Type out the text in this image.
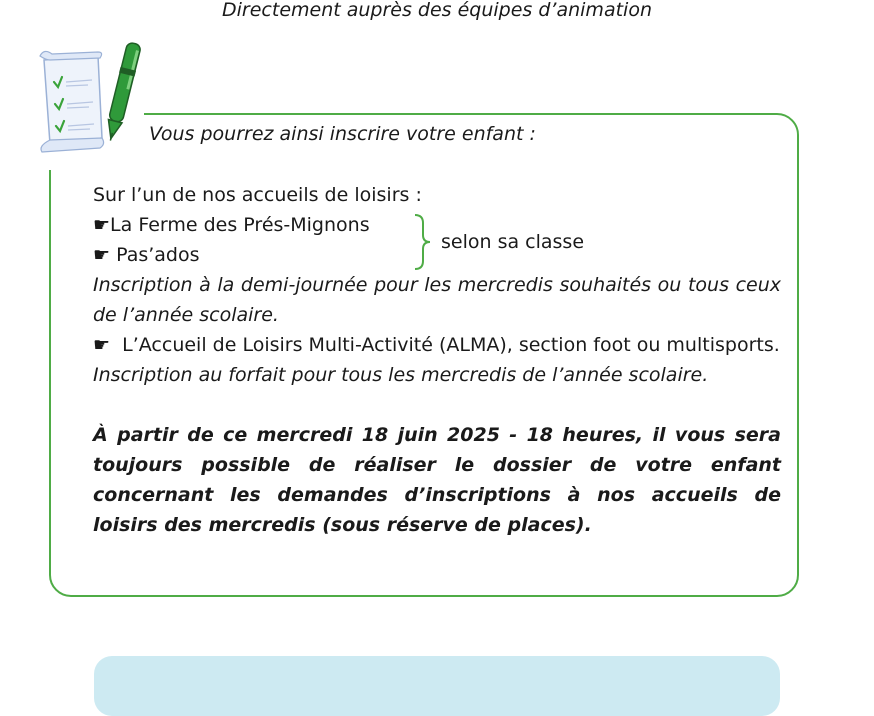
Directement auprès des équipes d’animation
Vous pourrez ainsi inscrire votre enfant :
Sur l’un de nos accueils de loisirs :
☛La Ferme des Prés-Mignons
☛ Pas’ados
selon sa classe
Inscription à la demi-journée pour les mercredis souhaités ou tous ceux de l’année scolaire.
☛ L’Accueil de Loisirs Multi-Activité (ALMA), section foot ou multisports.
Inscription au forfait pour tous les mercredis de l’année scolaire.
À partir de ce mercredi 18 juin 2025 - 18 heures, il vous sera toujours possible de réaliser le dossier de votre enfant concernant les demandes d’inscriptions à nos accueils de loisirs des mercredis (sous réserve de places).
